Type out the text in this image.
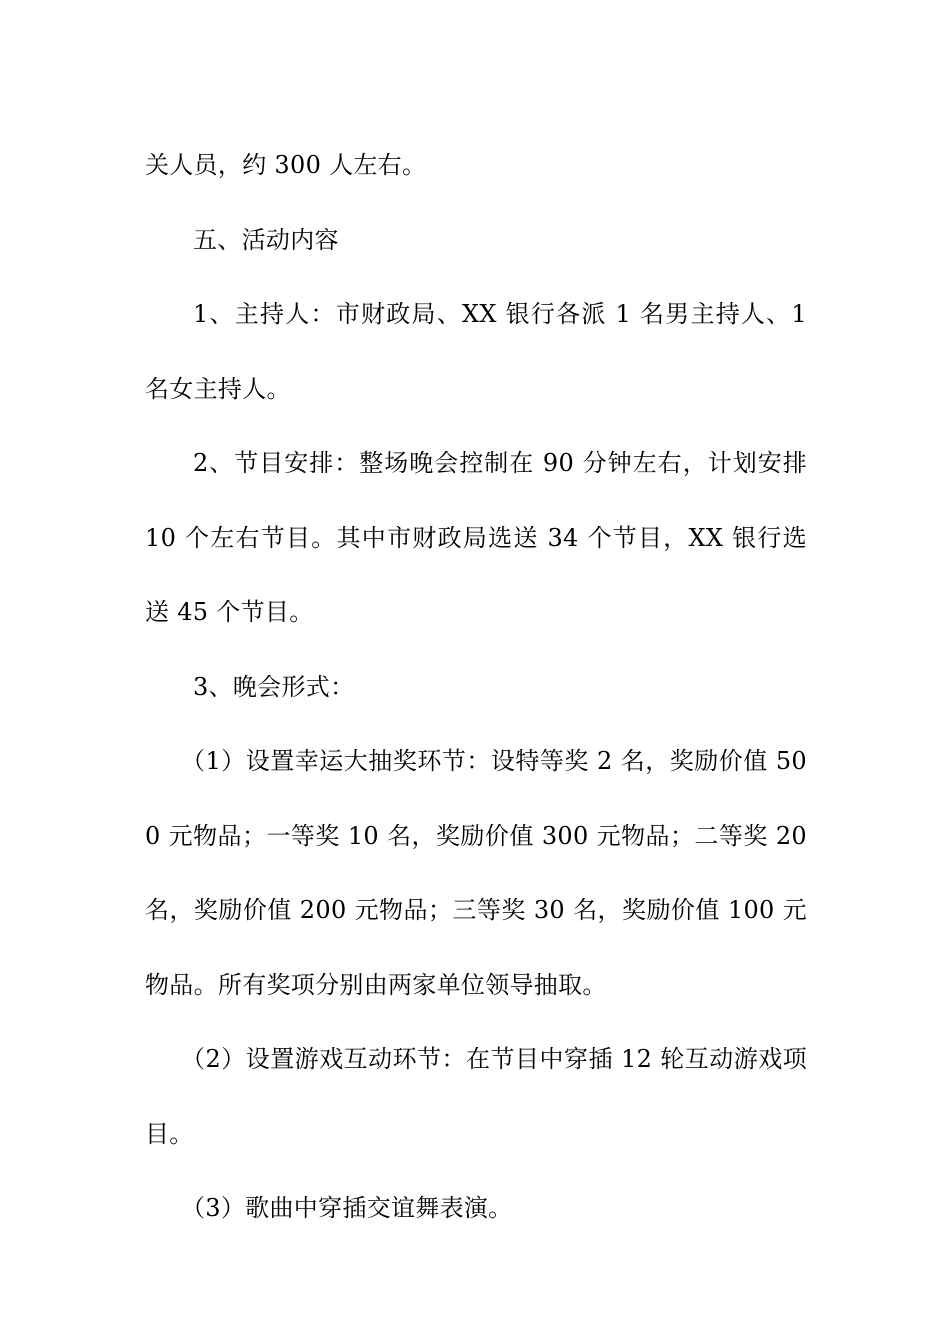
关人员，约 300 人左右。

五、活动内容

1、主持人：市财政局、XX 银行各派 1 名男主持人、1 名女主持人。

2、节目安排：整场晚会控制在 90 分钟左右，计划安排 10 个左右节目。其中市财政局选送 34 个节目，XX 银行选送 45 个节目。

3、晚会形式：

（1）设置幸运大抽奖环节：设特等奖 2 名，奖励价值 500 元物品；一等奖 10 名，奖励价值 300 元物品；二等奖 20 名，奖励价值 200 元物品；三等奖 30 名，奖励价值 100 元物品。所有奖项分别由两家单位领导抽取。

（2）设置游戏互动环节：在节目中穿插 12 轮互动游戏项目。

（3）歌曲中穿插交谊舞表演。
